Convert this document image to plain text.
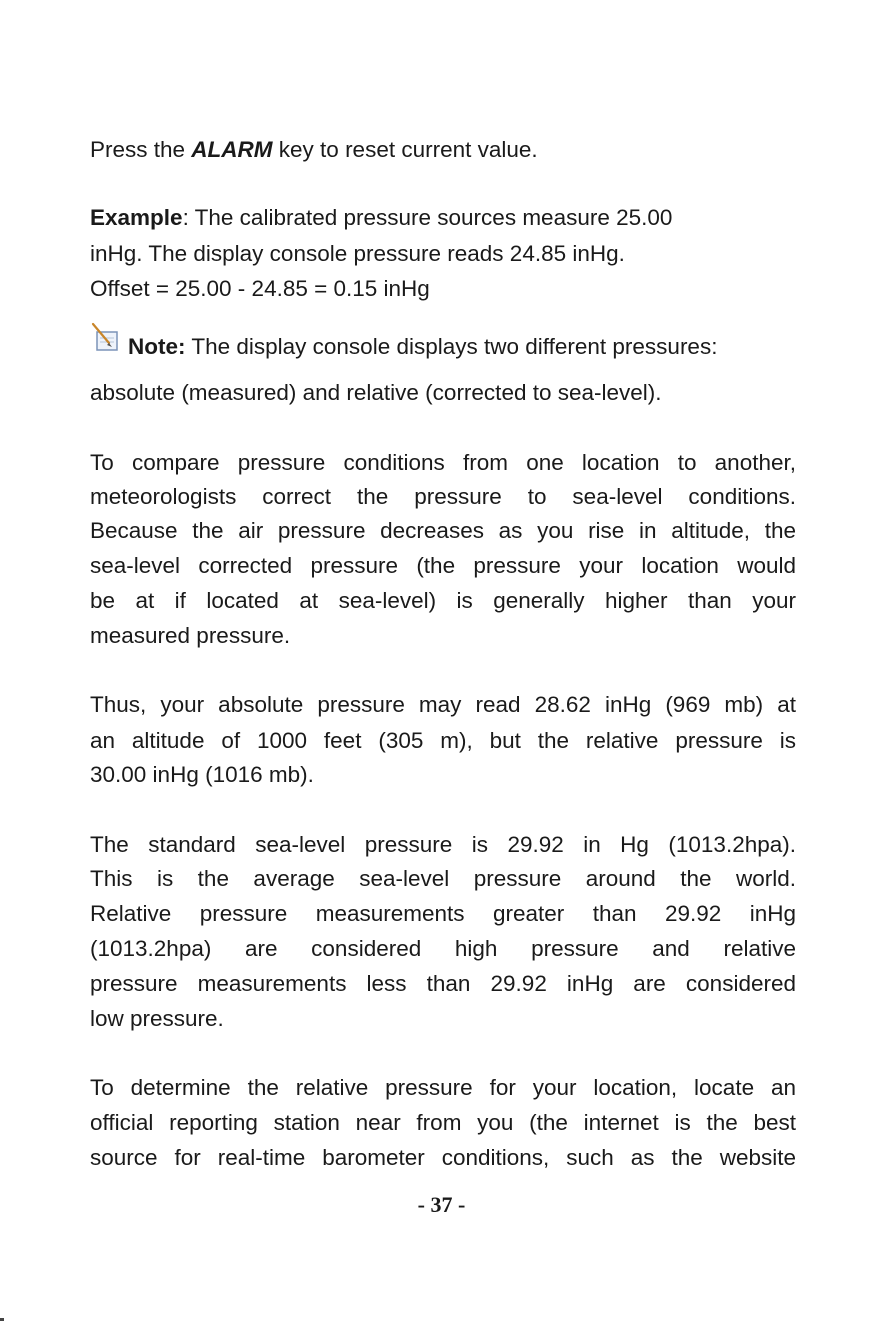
Press the ALARM key to reset current value.
Example: The calibrated pressure sources measure 25.00
inHg. The display console pressure reads 24.85 inHg.
Offset = 25.00 - 24.85 = 0.15 inHg
Note: The display console displays two different pressures:
absolute (measured) and relative (corrected to sea-level).
To compare pressure conditions from one location to another,
meteorologists correct the pressure to sea-level conditions.
Because the air pressure decreases as you rise in altitude, the
sea-level corrected pressure (the pressure your location would
be at if located at sea-level) is generally higher than your
measured pressure.
Thus, your absolute pressure may read 28.62 inHg (969 mb) at
an altitude of 1000 feet (305 m), but the relative pressure is
30.00 inHg (1016 mb).
The standard sea-level pressure is 29.92 in Hg (1013.2hpa).
This is the average sea-level pressure around the world.
Relative pressure measurements greater than 29.92 inHg
(1013.2hpa) are considered high pressure and relative
pressure measurements less than 29.92 inHg are considered
low pressure.
To determine the relative pressure for your location, locate an
official reporting station near from you (the internet is the best
source for real-time barometer conditions, such as the website
- 37 -
